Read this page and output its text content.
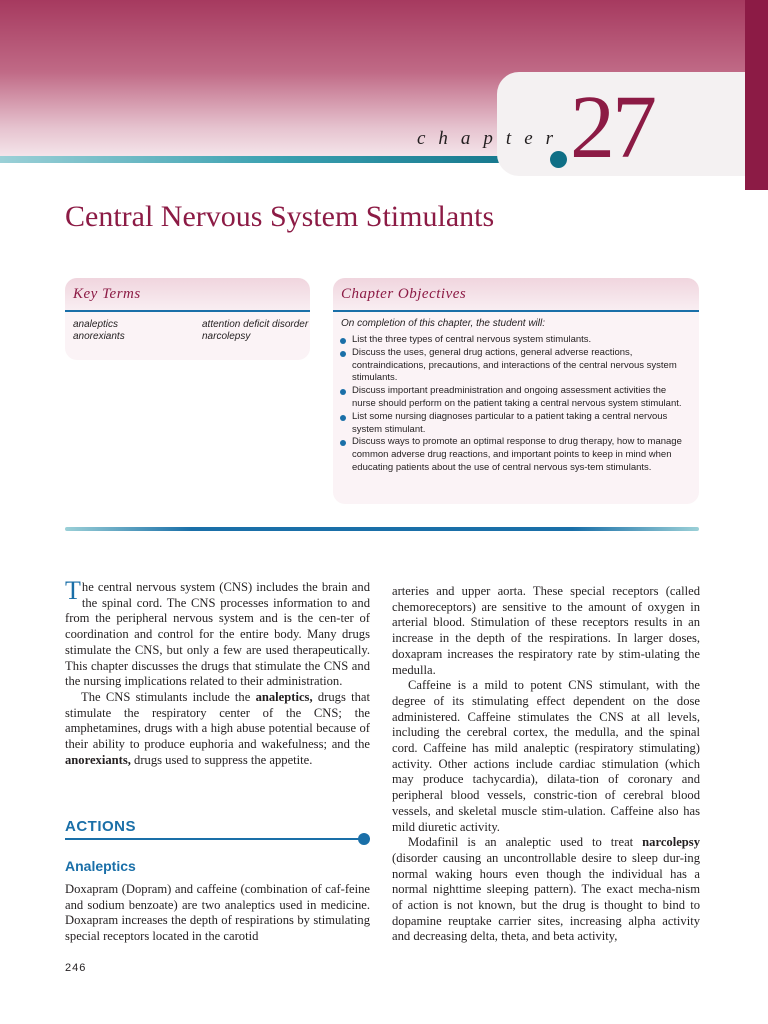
chapter 27
Central Nervous System Stimulants
Key Terms
analeptics
anorexiants
attention deficit disorder
narcolepsy
Chapter Objectives
On completion of this chapter, the student will:
List the three types of central nervous system stimulants.
Discuss the uses, general drug actions, general adverse reactions, contraindications, precautions, and interactions of the central nervous system stimulants.
Discuss important preadministration and ongoing assessment activities the nurse should perform on the patient taking a central nervous system stimulant.
List some nursing diagnoses particular to a patient taking a central nervous system stimulant.
Discuss ways to promote an optimal response to drug therapy, how to manage common adverse drug reactions, and important points to keep in mind when educating patients about the use of central nervous sys-tem stimulants.

The central nervous system (CNS) includes the brain and the spinal cord. The CNS processes information to and from the peripheral nervous system and is the cen-ter of coordination and control for the entire body. Many drugs stimulate the CNS, but only a few are used therapeutically. This chapter discusses the drugs that stimulate the CNS and the nursing implications related to their administration.

The CNS stimulants include the analeptics, drugs that stimulate the respiratory center of the CNS; the amphetamines, drugs with a high abuse potential because of their ability to produce euphoria and wakefulness; and the anorexiants, drugs used to suppress the appetite.

ACTIONS
Analeptics

Doxapram (Dopram) and caffeine (combination of caf-feine and sodium benzoate) are two analeptics used in medicine. Doxapram increases the depth of respirations by stimulating special receptors located in the carotid

arteries and upper aorta. These special receptors (called chemoreceptors) are sensitive to the amount of oxygen in arterial blood. Stimulation of these receptors results in an increase in the depth of the respirations. In larger doses, doxapram increases the respiratory rate by stim-ulating the medulla.

Caffeine is a mild to potent CNS stimulant, with the degree of its stimulating effect dependent on the dose administered. Caffeine stimulates the CNS at all levels, including the cerebral cortex, the medulla, and the spinal cord. Caffeine has mild analeptic (respiratory stimulating) activity. Other actions include cardiac stimulation (which may produce tachycardia), dilata-tion of coronary and peripheral blood vessels, constric-tion of cerebral blood vessels, and skeletal muscle stim-ulation. Caffeine also has mild diuretic activity.

Modafinil is an analeptic used to treat narcolepsy (disorder causing an uncontrollable desire to sleep dur-ing normal waking hours even though the individual has a normal nighttime sleeping pattern). The exact mecha-nism of action is not known, but the drug is thought to bind to dopamine reuptake carrier sites, increasing alpha activity and decreasing delta, theta, and beta activity,

246
